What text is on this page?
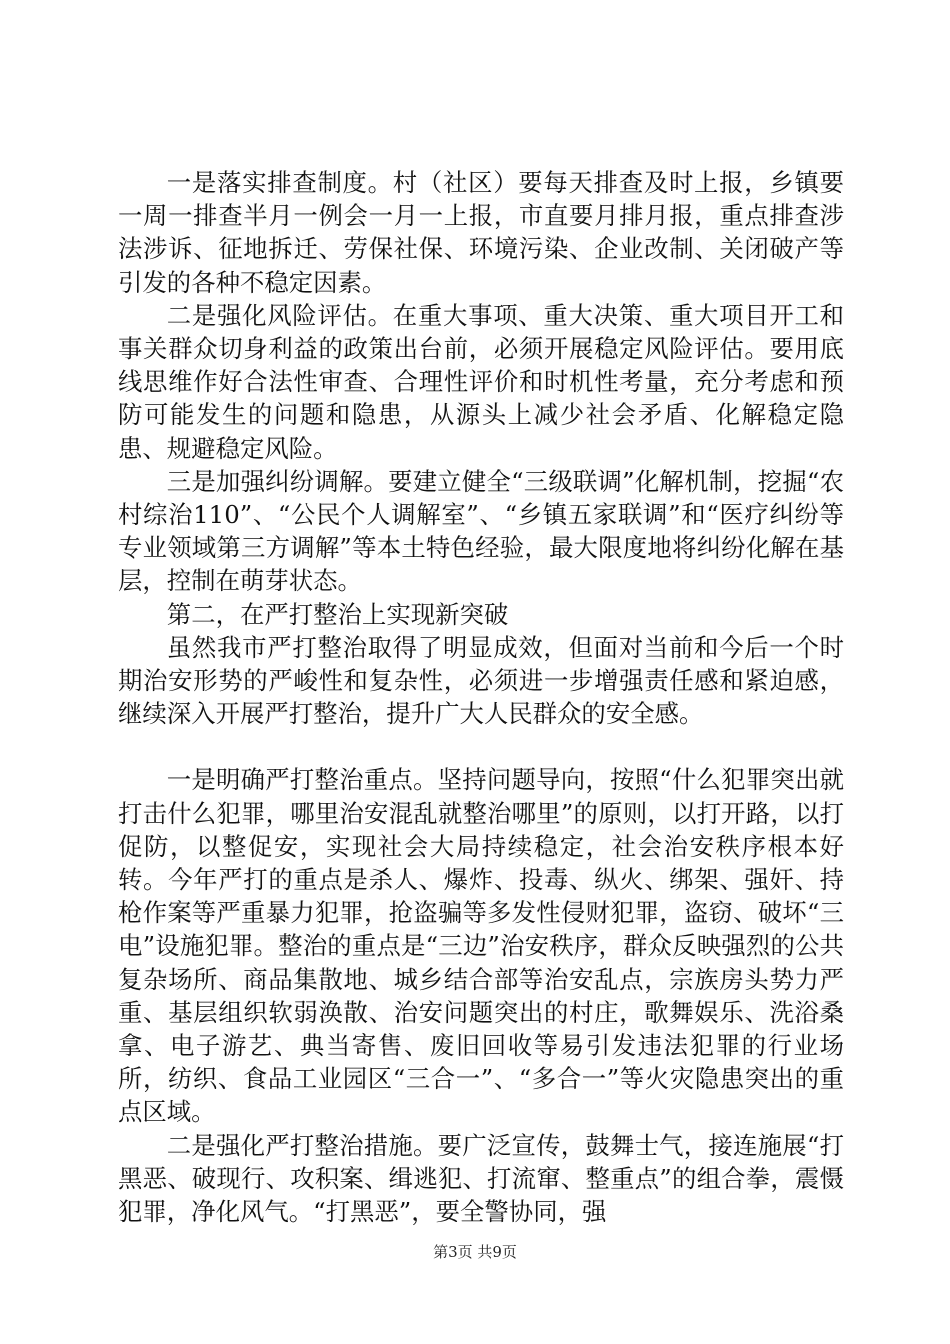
一是落实排查制度。村（社区）要每天排查及时上报，乡镇要一周一排查半月一例会一月一上报，市直要月排月报，重点排查涉法涉诉、征地拆迁、劳保社保、环境污染、企业改制、关闭破产等引发的各种不稳定因素。

二是强化风险评估。在重大事项、重大决策、重大项目开工和事关群众切身利益的政策出台前，必须开展稳定风险评估。要用底线思维作好合法性审查、合理性评价和时机性考量，充分考虑和预防可能发生的问题和隐患，从源头上减少社会矛盾、化解稳定隐患、规避稳定风险。

三是加强纠纷调解。要建立健全“三级联调”化解机制，挖掘“农村综治110”、“公民个人调解室”、“乡镇五家联调”和“医疗纠纷等专业领域第三方调解”等本土特色经验，最大限度地将纠纷化解在基层，控制在萌芽状态。

第二，在严打整治上实现新突破

虽然我市严打整治取得了明显成效，但面对当前和今后一个时期治安形势的严峻性和复杂性，必须进一步增强责任感和紧迫感，继续深入开展严打整治，提升广大人民群众的安全感。

一是明确严打整治重点。坚持问题导向，按照“什么犯罪突出就打击什么犯罪，哪里治安混乱就整治哪里”的原则，以打开路，以打促防，以整促安，实现社会大局持续稳定，社会治安秩序根本好转。今年严打的重点是杀人、爆炸、投毒、纵火、绑架、强奸、持枪作案等严重暴力犯罪，抢盗骗等多发性侵财犯罪，盗窃、破坏“三电”设施犯罪。整治的重点是“三边”治安秩序，群众反映强烈的公共复杂场所、商品集散地、城乡结合部等治安乱点，宗族房头势力严重、基层组织软弱涣散、治安问题突出的村庄，歌舞娱乐、洗浴桑拿、电子游艺、典当寄售、废旧回收等易引发违法犯罪的行业场所，纺织、食品工业园区“三合一”、“多合一”等火灾隐患突出的重点区域。

二是强化严打整治措施。要广泛宣传，鼓舞士气，接连施展“打黑恶、破现行、攻积案、缉逃犯、打流窜、整重点”的组合拳，震慑犯罪，净化风气。“打黑恶”，要全警协同，强

第3页 共9页
